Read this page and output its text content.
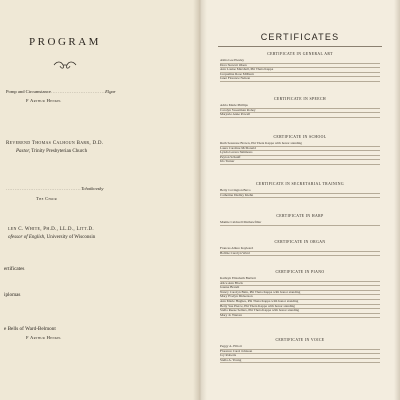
PROGRAM
Pomp and Circumstance...............................Elgar
F Arthur Henkel
Reverend Thomas Calhoun Barr, D.D.
Pastor, Trinity Presbyterian Church
...........................................Tchaikovsky
The Choir
len C. White, Ph.D., LL.D., Litt.D.
ofessor of English, University of Wisconsin
ertificates
iplomas
e Bells of Ward-Belmont
F Arthur Henkel
CERTIFICATES
CERTIFICATE IN GENERAL ART
Alma Lee Plesley
Dora Stewart Olsen
Ann Louise Marshall, Phi Theta Kappa
Jacqueline Rose Milburn
Janet Florence Nelson
CERTIFICATE IN SPEECH
Adria Marie Phillips
Carolyn Sweetman Robey
Marjorie Anne Powell
CERTIFICATE IN SCHOOL
Ruth Seastone Brown, Phi Theta Kappa with honor standing
Laura Caroline McDonald
Lynda Lavera Simmons
Peyton Schaaff
Iris Turner
CERTIFICATE IN SECRETARIAL TRAINING
Betty Covington Bevo
Catherine Dudley Kiehn
CERTIFICATE IN HARP
Mamie Caldwell Mathewfiller
CERTIFICATE IN ORGAN
Frances Allure Kayleard
Bobbie Carolyn Ward
CERTIFICATE IN PIANO
Kathryn Elizabeth Bartlett
Alice Ann Block
Jeanne Brandt
Nancy Carolyn Bain, Phi Theta Kappa with honor standing
Mary Evelyn Dickerson
Ann Marie Hughes, Phi Theta Kappa with honor standing
Betty Sue Pierce, Phi Theta Kappa with honor standing
Stella Reese Sellers, Phi Theta Kappa with honor standing
Mary Jo Warren
CERTIFICATE IN VOICE
Peggy A. Elliott
Florence Carol Johnson
Joy Roberts
Stella A. Young
